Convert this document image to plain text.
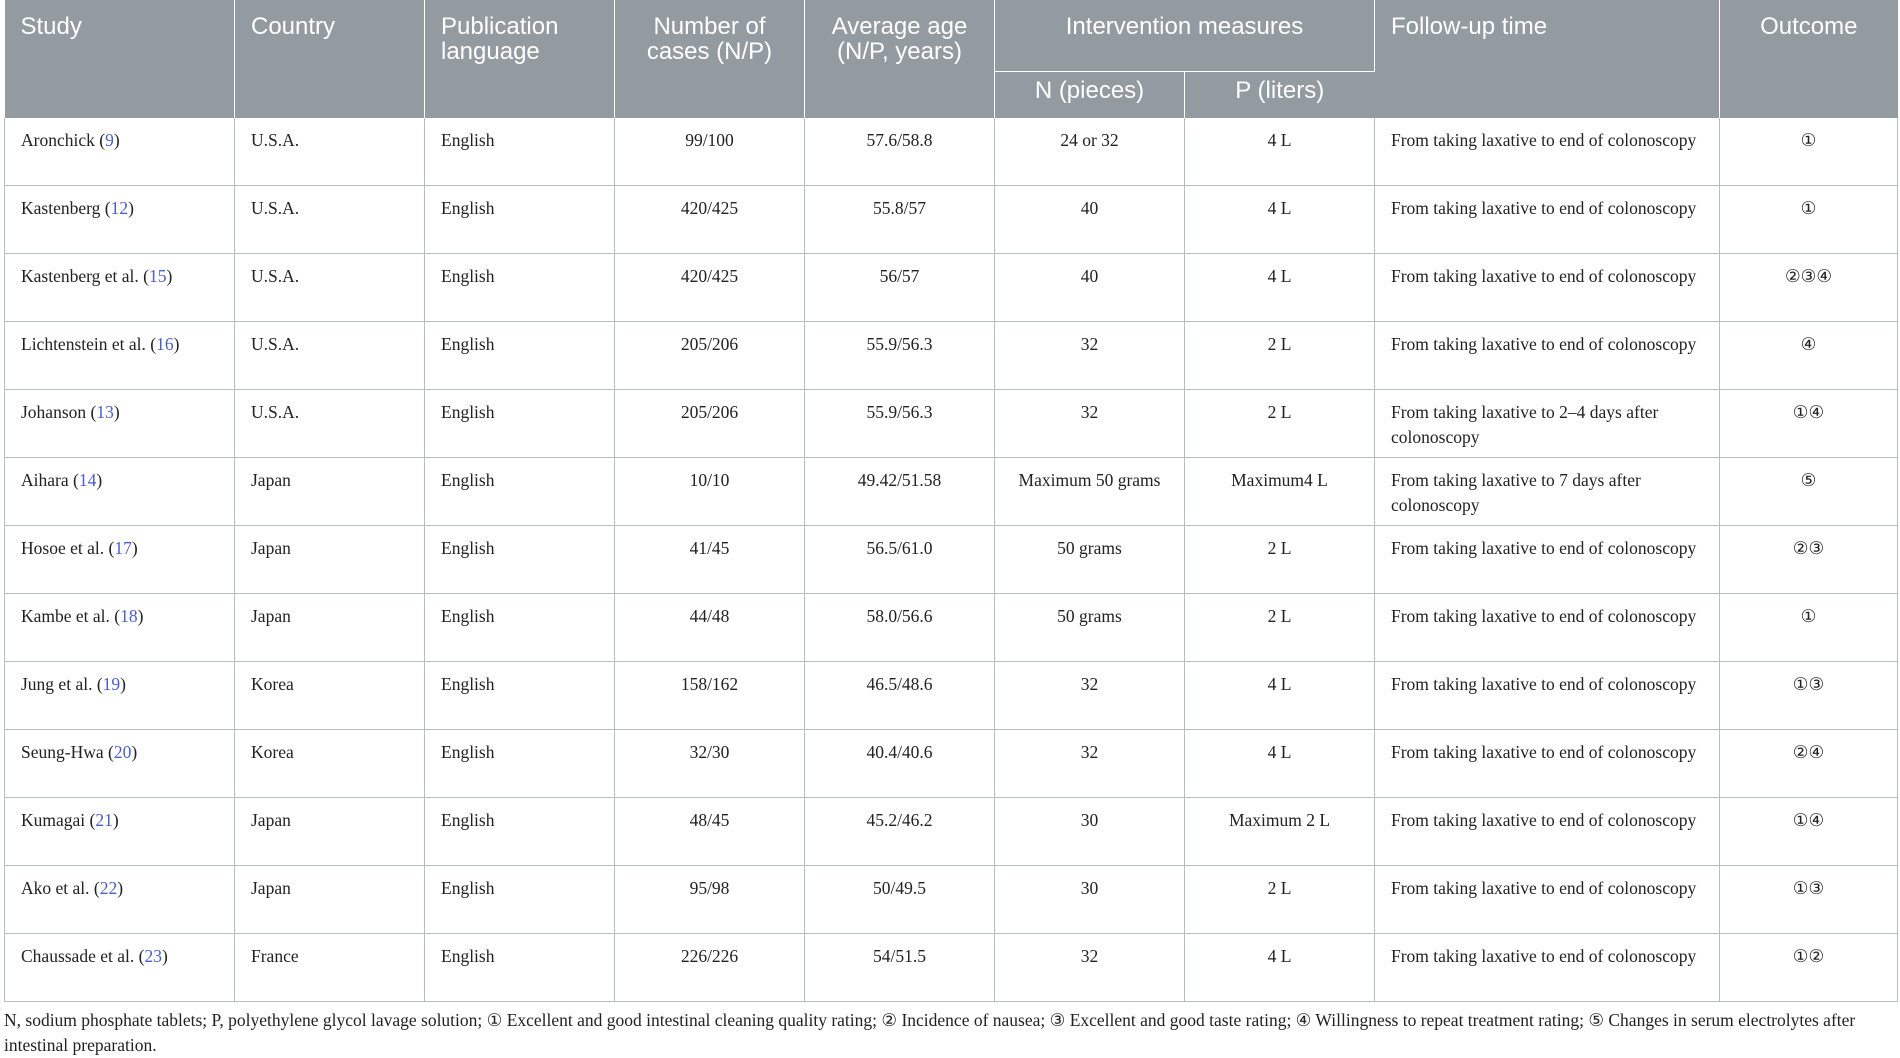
Study	Country	Publication language	Number of cases (N/P)	Average age (N/P, years)	Intervention measures		Follow-up time	Outcome
					N (pieces)	P (liters)		
Aronchick (9)	U.S.A.	English	99/100	57.6/58.8	24 or 32	4 L	From taking laxative to end of colonoscopy	①
Kastenberg (12)	U.S.A.	English	420/425	55.8/57	40	4 L	From taking laxative to end of colonoscopy	①
Kastenberg et al. (15)	U.S.A.	English	420/425	56/57	40	4 L	From taking laxative to end of colonoscopy	②③④
Lichtenstein et al. (16)	U.S.A.	English	205/206	55.9/56.3	32	2 L	From taking laxative to end of colonoscopy	④
Johanson (13)	U.S.A.	English	205/206	55.9/56.3	32	2 L	From taking laxative to 2–4 days after colonoscopy	①④
Aihara (14)	Japan	English	10/10	49.42/51.58	Maximum 50 grams	Maximum4 L	From taking laxative to 7 days after colonoscopy	⑤
Hosoe et al. (17)	Japan	English	41/45	56.5/61.0	50 grams	2 L	From taking laxative to end of colonoscopy	②③
Kambe et al. (18)	Japan	English	44/48	58.0/56.6	50 grams	2 L	From taking laxative to end of colonoscopy	①
Jung et al. (19)	Korea	English	158/162	46.5/48.6	32	4 L	From taking laxative to end of colonoscopy	①③
Seung-Hwa (20)	Korea	English	32/30	40.4/40.6	32	4 L	From taking laxative to end of colonoscopy	②④
Kumagai (21)	Japan	English	48/45	45.2/46.2	30	Maximum 2 L	From taking laxative to end of colonoscopy	①④
Ako et al. (22)	Japan	English	95/98	50/49.5	30	2 L	From taking laxative to end of colonoscopy	①③
Chaussade et al. (23)	France	English	226/226	54/51.5	32	4 L	From taking laxative to end of colonoscopy	①②
N, sodium phosphate tablets; P, polyethylene glycol lavage solution; ① Excellent and good intestinal cleaning quality rating; ② Incidence of nausea; ③ Excellent and good taste rating; ④ Willingness to repeat treatment rating; ⑤ Changes in serum electrolytes after intestinal preparation.
